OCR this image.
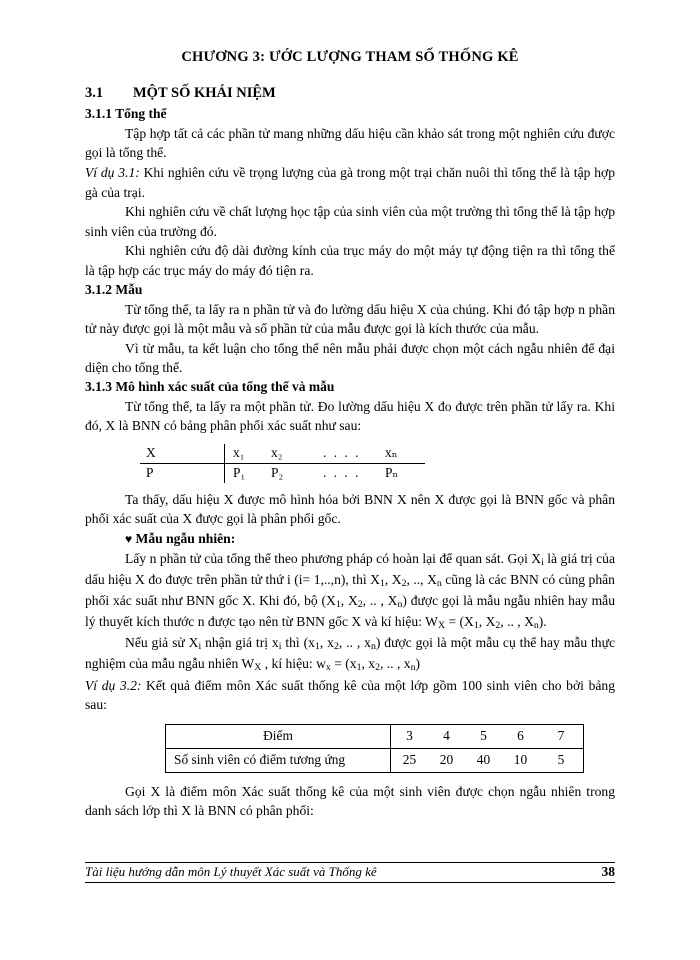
CHƯƠNG 3: ƯỚC LƯỢNG THAM SỐ THỐNG KÊ
3.1 MỘT SỐ KHÁI NIỆM
3.1.1 Tổng thể

Tập hợp tất cả các phần tử mang những dấu hiệu cần khảo sát trong một nghiên cứu được gọi là tổng thể.

Ví dụ 3.1: Khi nghiên cứu về trọng lượng của gà trong một trại chăn nuôi thì tổng thể là tập hợp gà của trại.

Khi nghiên cứu về chất lượng học tập của sinh viên của một trường thì tổng thể là tập hợp sinh viên của trường đó.

Khi nghiên cứu độ dài đường kính của trục máy do một máy tự động tiện ra thì tổng thể là tập hợp các trục máy do máy đó tiện ra.

3.1.2 Mẫu

Từ tổng thể, ta lấy ra n phần tử và đo lường dấu hiệu X của chúng. Khi đó tập hợp n phần tử này được gọi là một mẫu và số phần tử của mẫu được gọi là kích thước của mẫu.

Vì từ mẫu, ta kết luận cho tổng thể nên mẫu phải được chọn một cách ngẫu nhiên để đại diện cho tổng thể.

3.1.3 Mô hình xác suất của tổng thể và mẫu

Từ tổng thể, ta lấy ra một phần tử. Đo lường dấu hiệu X đo được trên phần tử lấy ra. Khi đó, X là BNN có bảng phân phối xác suất như sau:

X	x₁ x₂ . . . . xₙ

P	P₁ P₂ . . . . Pₙ

Ta thấy, dấu hiệu X được mô hình hóa bởi BNN X nên X được gọi là BNN gốc và phân phối xác suất của X được gọi là phân phối gốc.

♥ Mẫu ngẫu nhiên:

Lấy n phần tử của tổng thể theo phương pháp có hoàn lại để quan sát. Gọi $X_i$ là giá trị của dấu hiệu X đo được trên phần tử thứ i (i= 1,..,n), thì $X_1$, $X_2$, .., $X_n$ cũng là các BNN có cùng phân phối xác suất như BNN gốc X. Khi đó, bộ ($X_1$, $X_2$, .. , $X_n$) được gọi là mẫu ngẫu nhiên hay mẫu lý thuyết kích thước n được tạo nên từ BNN gốc X và kí hiệu: $W_X = (X_1$, $X_2$, .. , $X_n$).

Nếu giả sử $X_i$ nhận giá trị $x_i$ thì ($x_1$, $x_2$, .. , $x_n$) được gọi là một mẫu cụ thể hay mẫu thực nghiệm của mẫu ngẫu nhiên $W_X$ , kí hiệu: $w_x = (x_1$, $x_2$, .. , $x_n$)

Ví dụ 3.2: Kết quả điểm môn Xác suất thống kê của một lớp gồm 100 sinh viên cho bởi bảng sau:

Điểm	3	4	5	6	7
Số sinh viên có điểm tương ứng	25	20	40	10	5

Gọi X là điểm môn Xác suất thống kê của một sinh viên được chọn ngẫu nhiên trong danh sách lớp thì X là BNN có phân phối:

Tài liệu hướng dẫn môn Lý thuyết Xác suất và Thống kê	38
